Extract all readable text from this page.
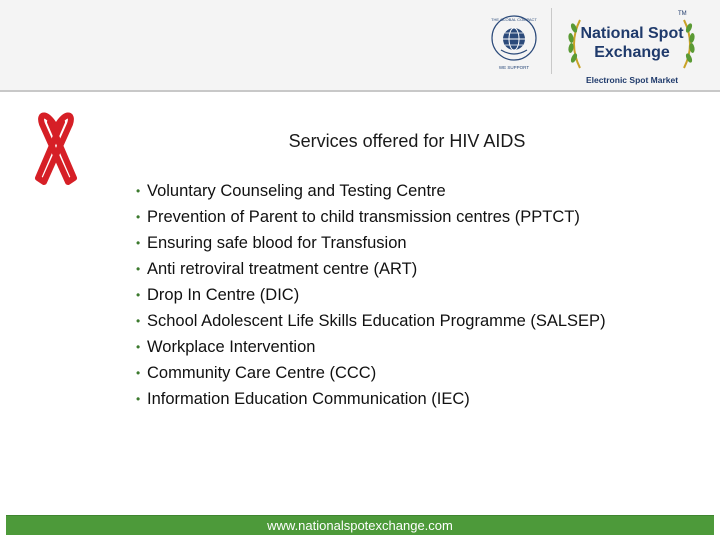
THE GLOBAL COMPACT
WE SUPPORT
TM
National Spot
Exchange
Electronic Spot Market
Services offered for HIV AIDS
• Voluntary Counseling and Testing Centre
• Prevention of Parent to child transmission centres (PPTCT)
• Ensuring safe blood for Transfusion
• Anti retroviral treatment centre (ART)
• Drop In Centre (DIC)
• School Adolescent Life Skills Education Programme (SALSEP)
• Workplace Intervention
• Community Care Centre (CCC)
• Information Education Communication (IEC)
www.nationalspotexchange.com
